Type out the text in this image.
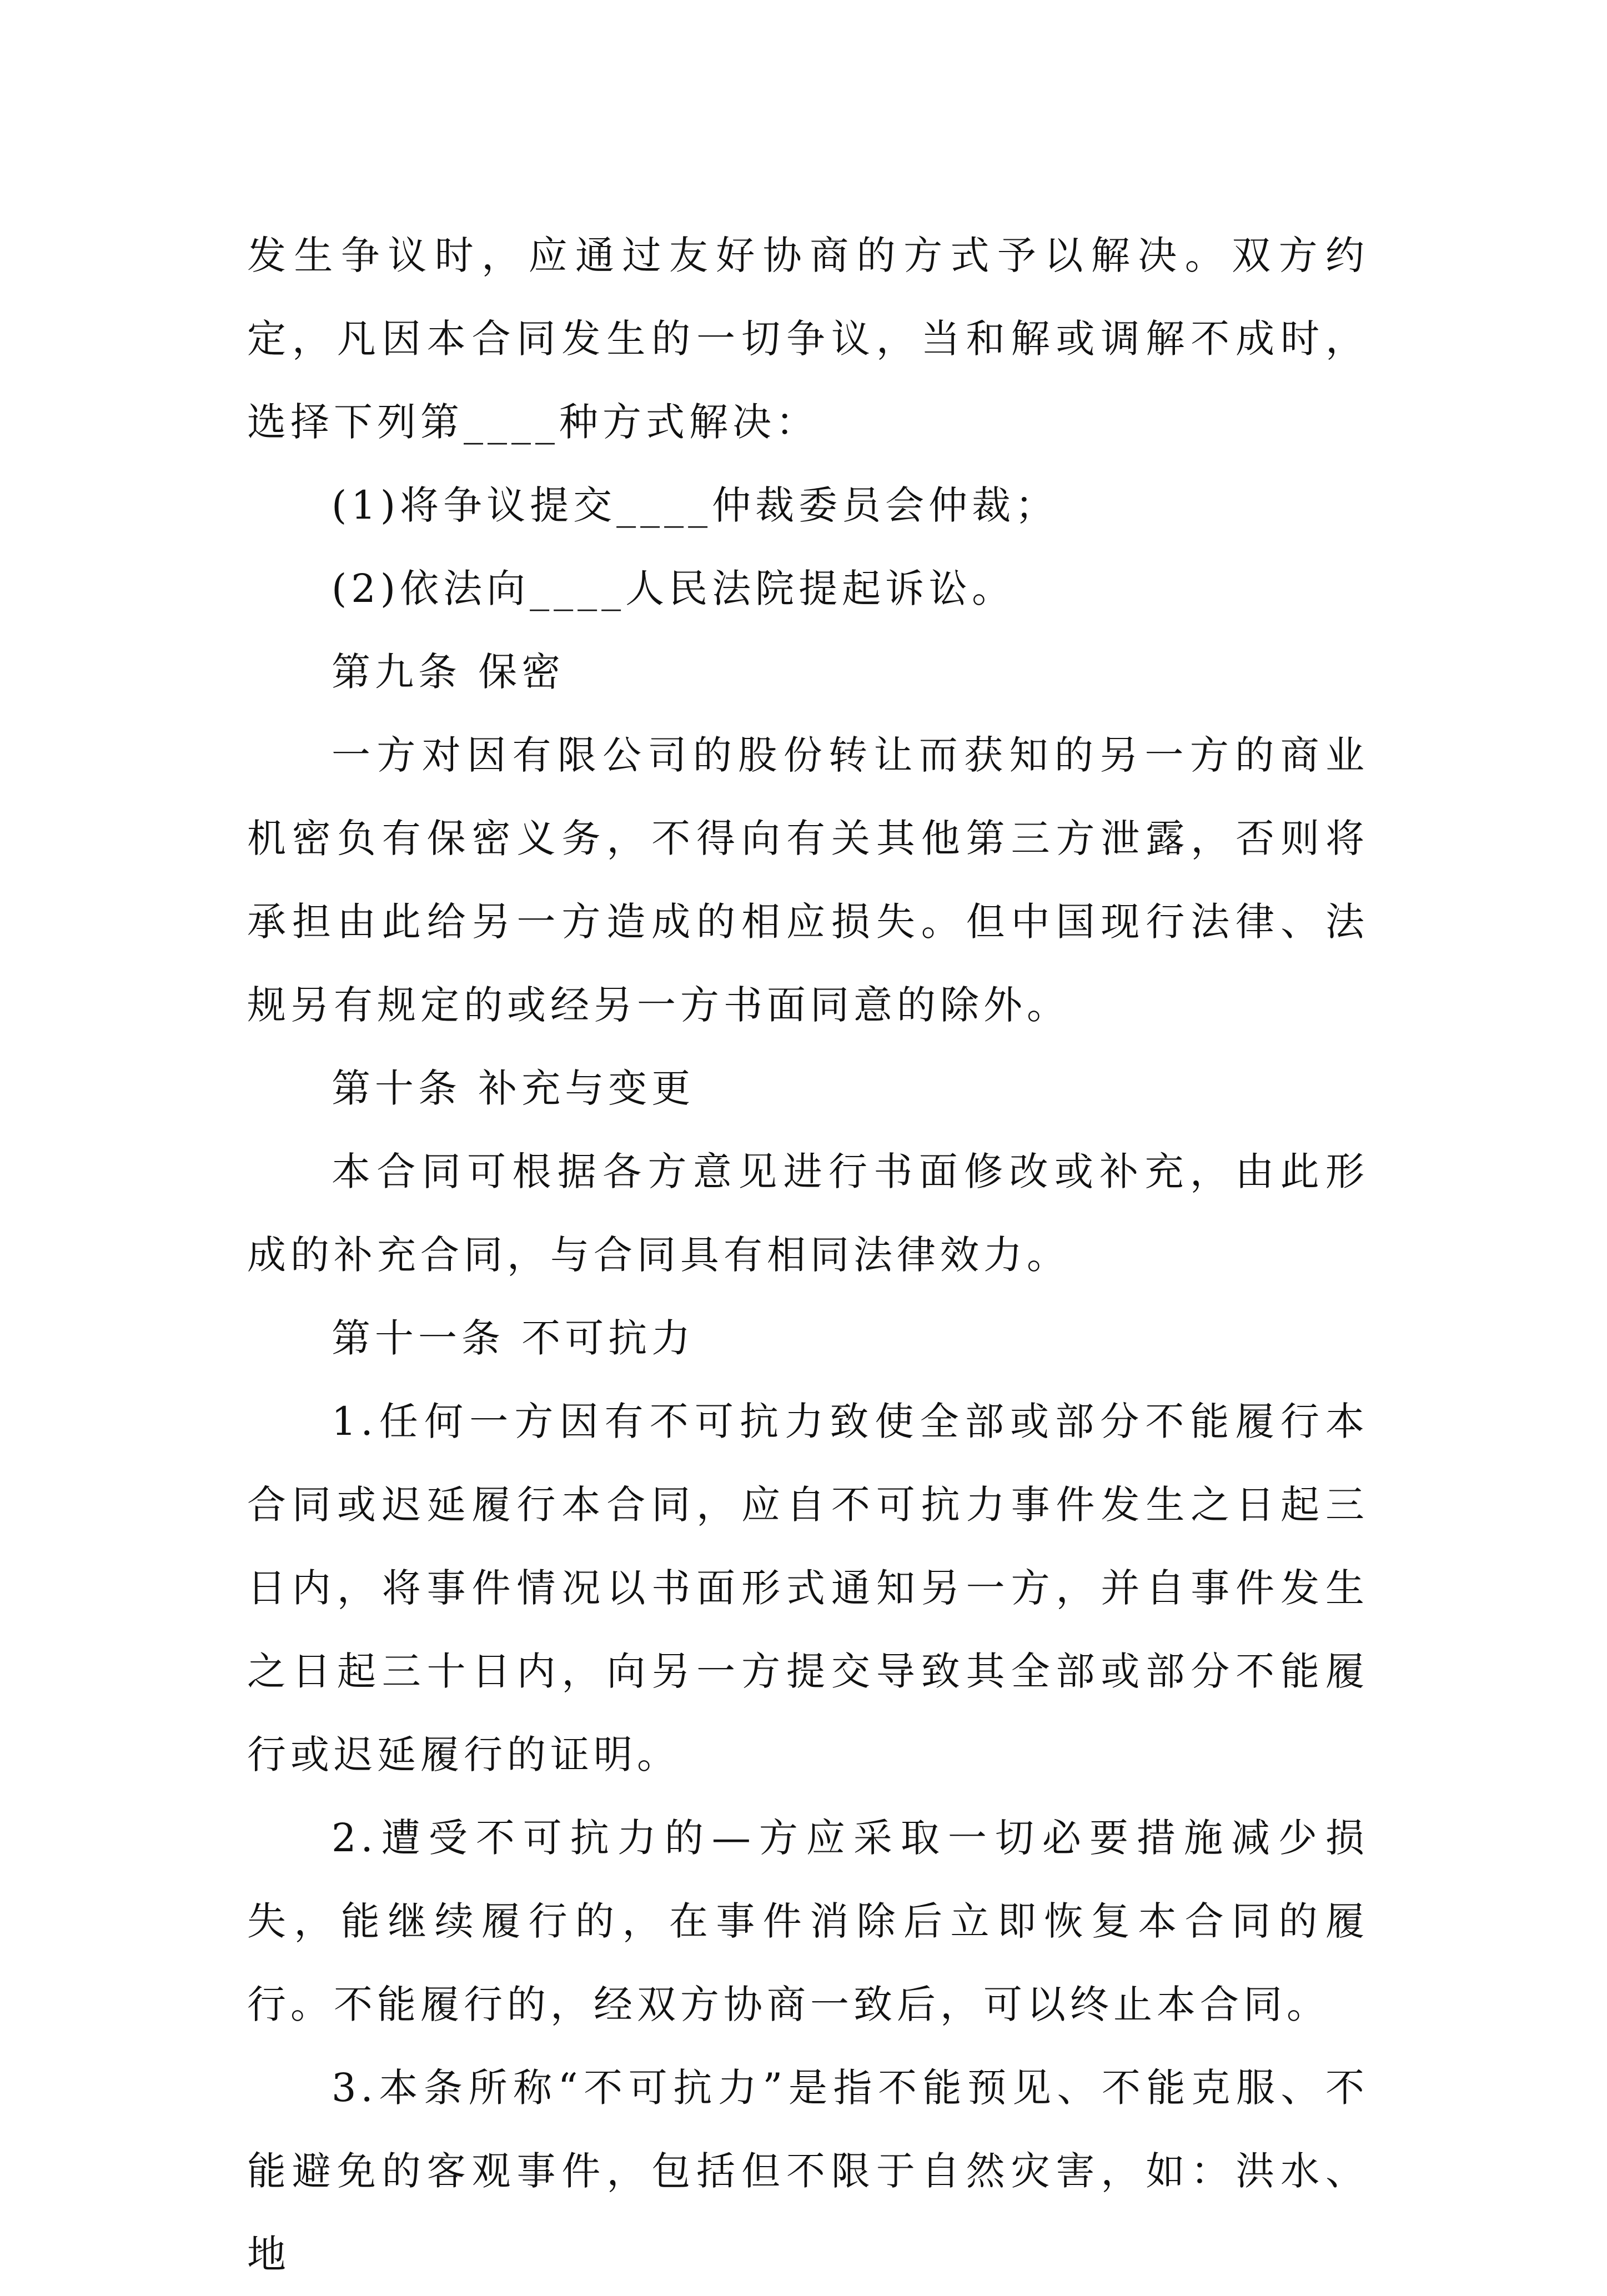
发生争议时，应通过友好协商的方式予以解决。双方约定，凡因本合同发生的一切争议，当和解或调解不成时，选择下列第____种方式解决：

(1)将争议提交____仲裁委员会仲裁；

(2)依法向____人民法院提起诉讼。

第九条 保密

一方对因有限公司的股份转让而获知的另一方的商业机密负有保密义务，不得向有关其他第三方泄露，否则将承担由此给另一方造成的相应损失。但中国现行法律、法规另有规定的或经另一方书面同意的除外。

第十条 补充与变更

本合同可根据各方意见进行书面修改或补充，由此形成的补充合同，与合同具有相同法律效力。

第十一条 不可抗力

1.任何一方因有不可抗力致使全部或部分不能履行本合同或迟延履行本合同，应自不可抗力事件发生之日起三日内，将事件情况以书面形式通知另一方，并自事件发生之日起三十日内，向另一方提交导致其全部或部分不能履行或迟延履行的证明。

2.遭受不可抗力的—方应采取一切必要措施减少损失，能继续履行的，在事件消除后立即恢复本合同的履行。不能履行的，经双方协商一致后，可以终止本合同。

3.本条所称“不可抗力”是指不能预见、不能克服、不能避免的客观事件，包括但不限于自然灾害，如：洪水、地
